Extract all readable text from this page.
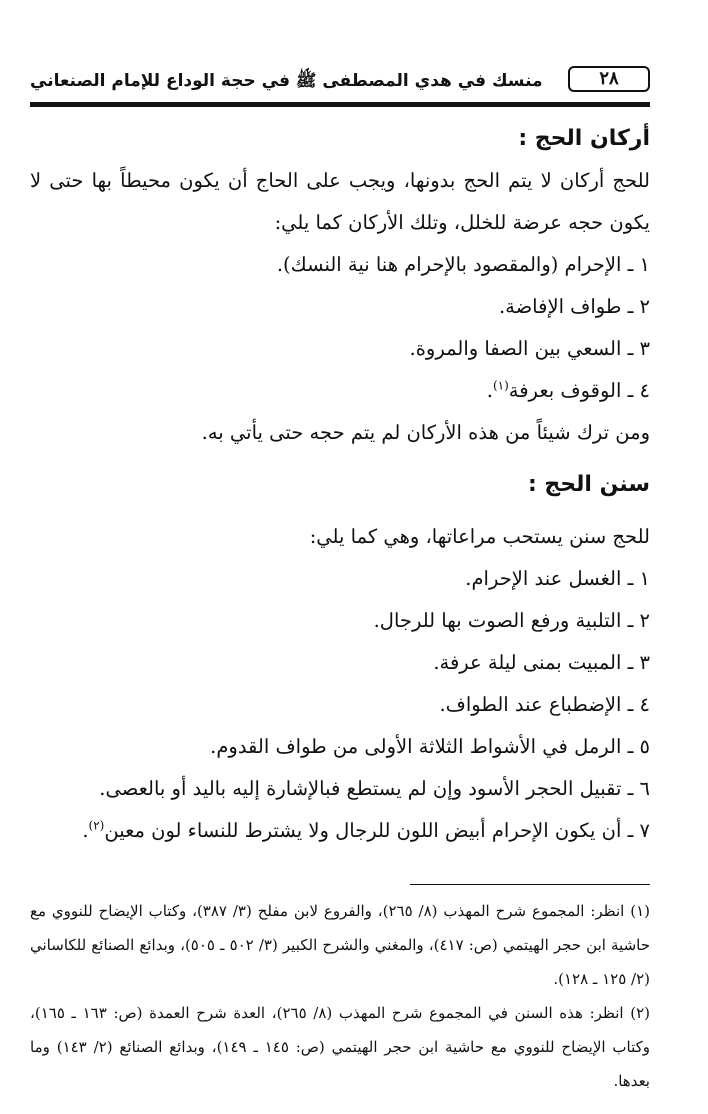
٢٨
منسك في هدي المصطفى ﷺ في حجة الوداع للإمام الصنعاني
أركان الحج :

للحج أركان لا يتم الحج بدونها، ويجب على الحاج أن يكون محيطاً بها حتى لا يكون حجه عرضة للخلل، وتلك الأركان كما يلي:

١ ـ الإحرام (والمقصود بالإحرام هنا نية النسك).

٢ ـ طواف الإفاضة.

٣ ـ السعي بين الصفا والمروة.

٤ ـ الوقوف بعرفة$^{(١)}$.

ومن ترك شيئاً من هذه الأركان لم يتم حجه حتى يأتي به.

سنن الحج :

للحج سنن يستحب مراعاتها، وهي كما يلي:

١ ـ الغسل عند الإحرام.

٢ ـ التلبية ورفع الصوت بها للرجال.

٣ ـ المبيت بمنى ليلة عرفة.

٤ ـ الإضطباع عند الطواف.

٥ ـ الرمل في الأشواط الثلاثة الأولى من طواف القدوم.

٦ ـ تقبيل الحجر الأسود وإن لم يستطع فبالإشارة إليه باليد أو بالعصى.

٧ ـ أن يكون الإحرام أبيض اللون للرجال ولا يشترط للنساء لون معين$^{(٢)}$.

(١) انظر: المجموع شرح المهذب (٨/ ٢٦٥)، والفروع لابن مفلح (٣/ ٣٨٧)، وكتاب الإيضاح للنووي مع حاشية ابن حجر الهيتمي (ص: ٤١٧)، والمغني والشرح الكبير (٣/ ٥٠٢ ـ ٥٠٥)، وبدائع الصنائع للكاساني (٢/ ١٢٥ ـ ١٢٨).

(٢) انظر: هذه السنن في المجموع شرح المهذب (٨/ ٢٦٥)، العدة شرح العمدة (ص: ١٦٣ ـ ١٦٥)، وكتاب الإيضاح للنووي مع حاشية ابن حجر الهيتمي (ص: ١٤٥ ـ ١٤٩)، وبدائع الصنائع (٢/ ١٤٣) وما بعدها.
